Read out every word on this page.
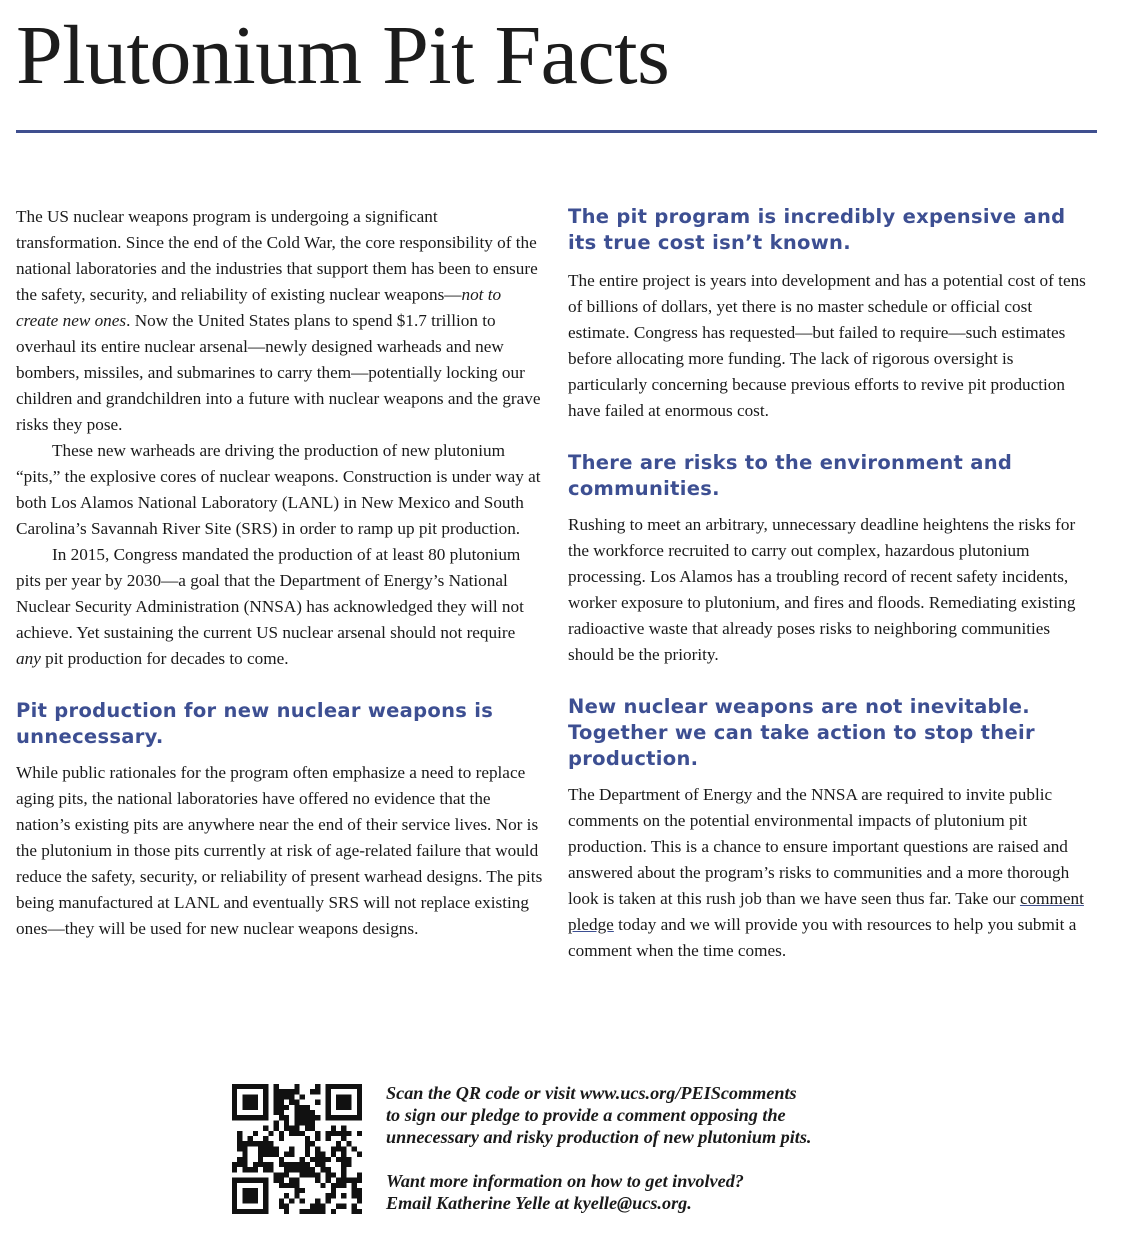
Plutonium Pit Facts

The US nuclear weapons program is undergoing a significant transformation. Since the end of the Cold War, the core responsibility of the national laboratories and the industries that support them has been to ensure the safety, security, and reliability of existing nuclear weapons—not to create new ones. Now the United States plans to spend $1.7 trillion to overhaul its entire nuclear arsenal—newly designed warheads and new bombers, missiles, and submarines to carry them—potentially locking our children and grandchildren into a future with nuclear weapons and the grave risks they pose.

These new warheads are driving the production of new plutonium “pits,” the explosive cores of nuclear weapons. Construction is under way at both Los Alamos National Laboratory (LANL) in New Mexico and South Carolina’s Savannah River Site (SRS) in order to ramp up pit production.

In 2015, Congress mandated the production of at least 80 plutonium pits per year by 2030—a goal that the Department of Energy’s National Nuclear Security Administration (NNSA) has acknowledged they will not achieve. Yet sustaining the current US nuclear arsenal should not require any pit production for decades to come.

Pit production for new nuclear weapons is unnecessary.

While public rationales for the program often emphasize a need to replace aging pits, the national laboratories have offered no evidence that the nation’s existing pits are anywhere near the end of their service lives. Nor is the plutonium in those pits currently at risk of age-related failure that would reduce the safety, security, or reliability of present warhead designs. The pits being manufactured at LANL and eventually SRS will not replace existing ones—they will be used for new nuclear weapons designs.

The pit program is incredibly expensive and its true cost isn’t known.

The entire project is years into development and has a potential cost of tens of billions of dollars, yet there is no master schedule or official cost estimate. Congress has requested—but failed to require—such estimates before allocating more funding. The lack of rigorous oversight is particularly concerning because previous efforts to revive pit production have failed at enormous cost.

There are risks to the environment and communities.

Rushing to meet an arbitrary, unnecessary deadline heightens the risks for the workforce recruited to carry out complex, hazardous plutonium processing. Los Alamos has a troubling record of recent safety incidents, worker exposure to plutonium, and fires and floods. Remediating existing radioactive waste that already poses risks to neighboring communities should be the priority.

New nuclear weapons are not inevitable. Together we can take action to stop their production.

The Department of Energy and the NNSA are required to invite public comments on the potential environmental impacts of plutonium pit production. This is a chance to ensure important questions are raised and answered about the program’s risks to communities and a more thorough look is taken at this rush job than we have seen thus far. Take our comment pledge today and we will provide you with resources to help you submit a comment when the time comes.

Scan the QR code or visit www.ucs.org/PEIScomments

to sign our pledge to provide a comment opposing the

unnecessary and risky production of new plutonium pits.

Want more information on how to get involved?

Email Katherine Yelle at kyelle@ucs.org.
